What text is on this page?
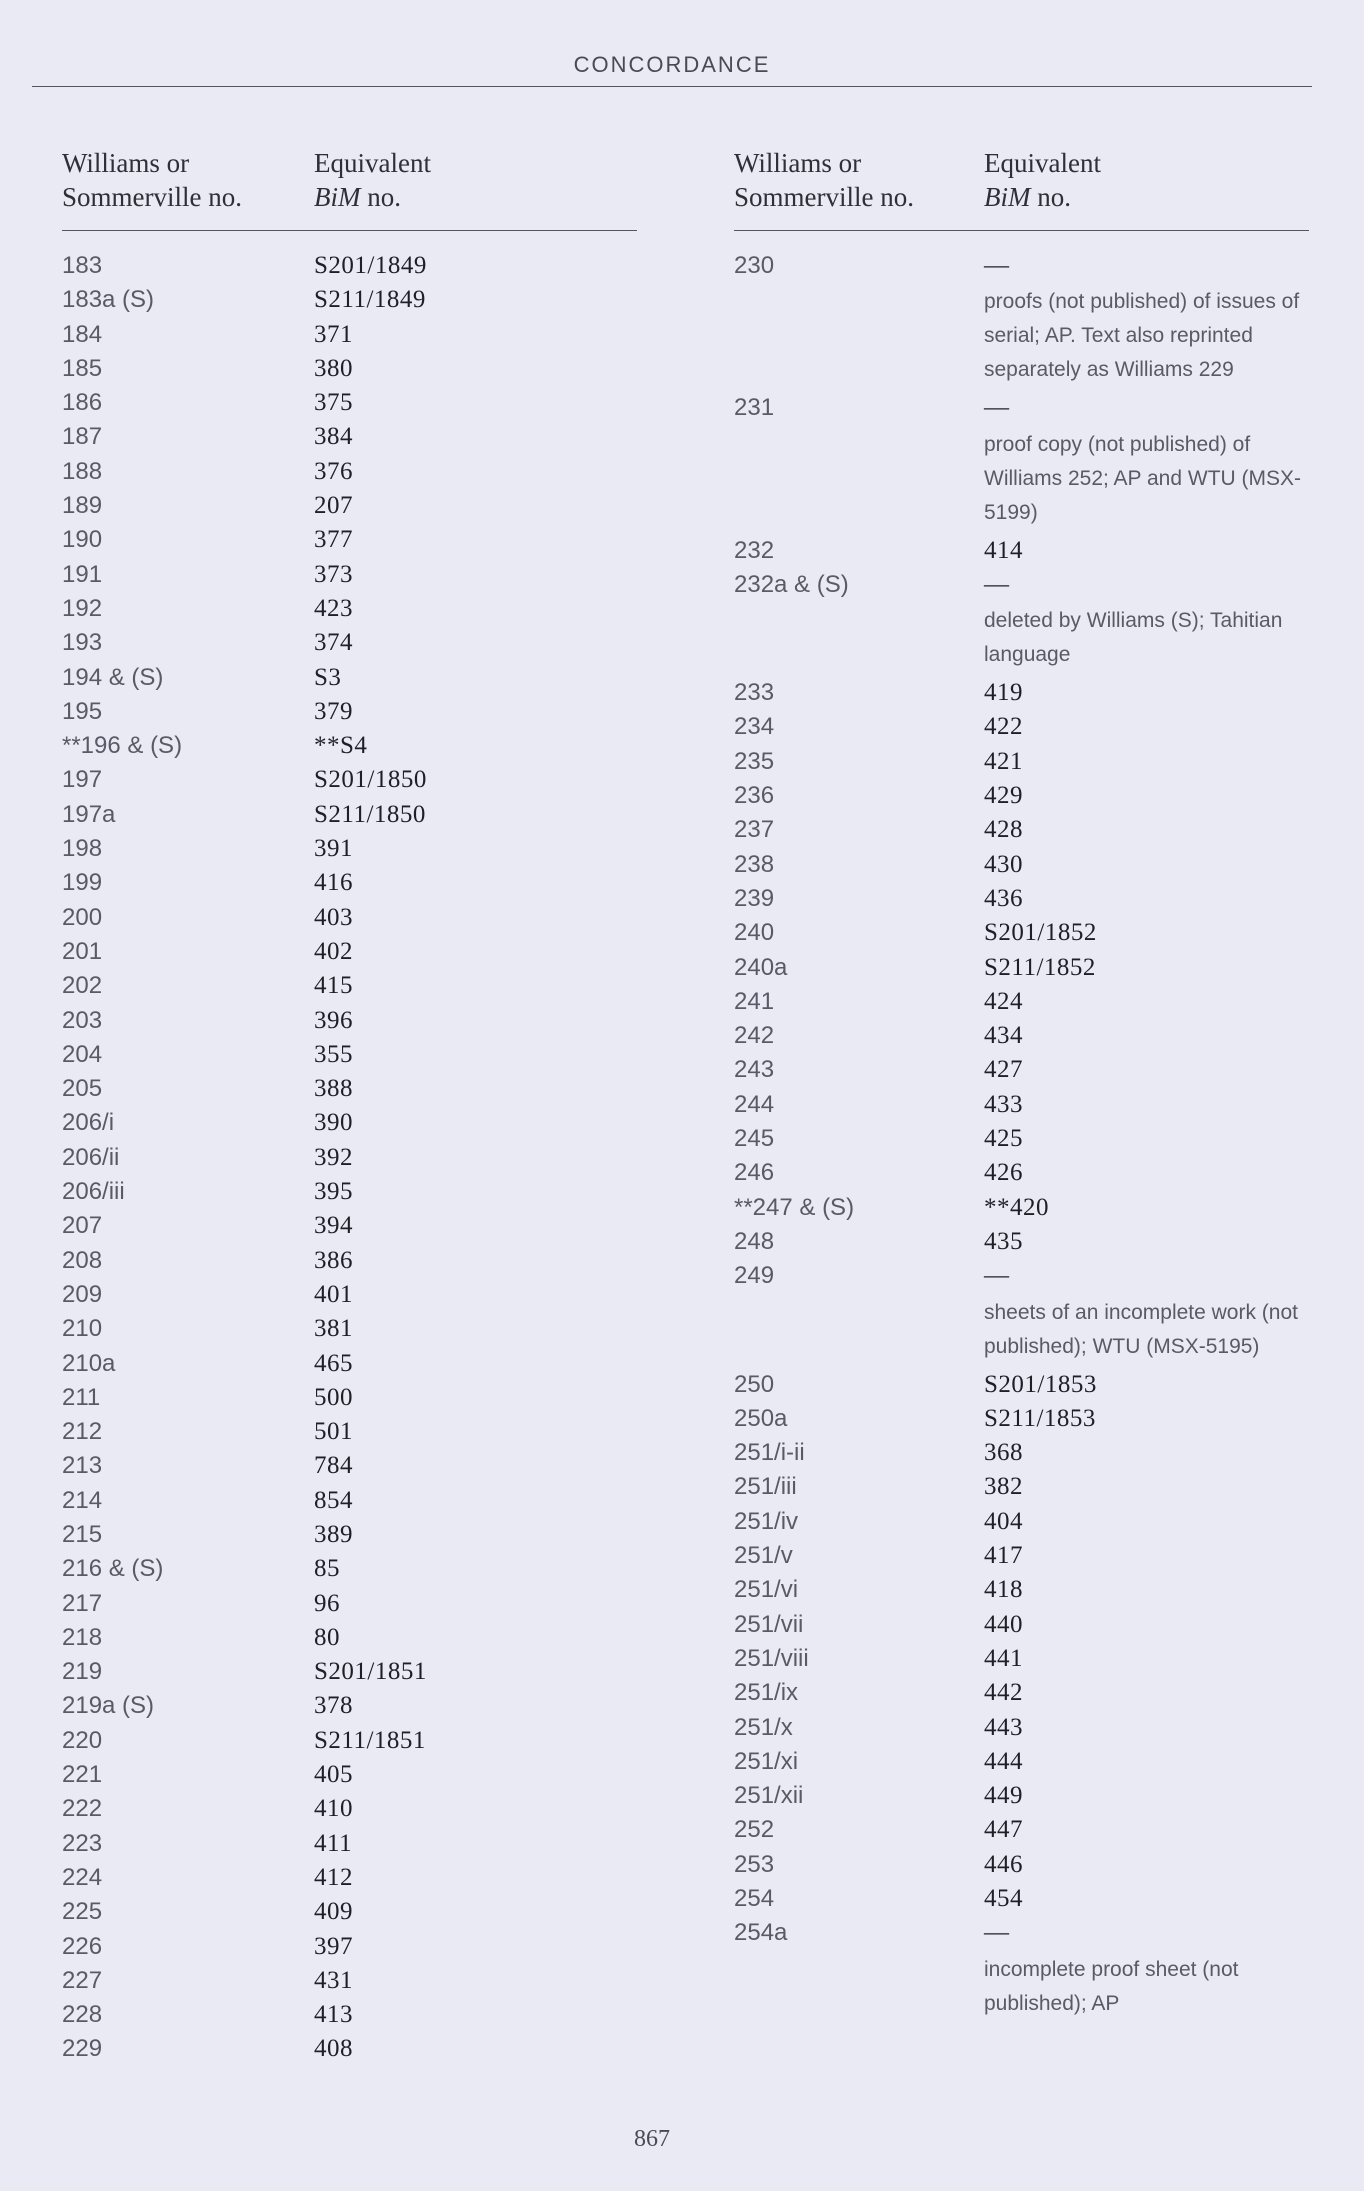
CONCORDANCE
Williams or
Sommerville no.
Equivalent
BiM no.
183	S201/1849
183a (S)	S211/1849
184	371
185	380
186	375
187	384
188	376
189	207
190	377
191	373
192	423
193	374
194 & (S)	S3
195	379
**196 & (S)	**S4
197	S201/1850
197a	S211/1850
198	391
199	416
200	403
201	402
202	415
203	396
204	355
205	388
206/i	390
206/ii	392
206/iii	395
207	394
208	386
209	401
210	381
210a	465
211	500
212	501
213	784
214	854
215	389
216 & (S)	85
217	96
218	80
219	S201/1851
219a (S)	378
220	S211/1851
221	405
222	410
223	411
224	412
225	409
226	397
227	431
228	413
229	408
Williams or
Sommerville no.
Equivalent
BiM no.
230	—
proofs (not published) of issues of serial; AP. Text also reprinted separately as Williams 229
231	—
proof copy (not published) of Williams 252; AP and WTU (MSX-5199)
232	414
232a & (S)	—
deleted by Williams (S); Tahitian language
233	419
234	422
235	421
236	429
237	428
238	430
239	436
240	S201/1852
240a	S211/1852
241	424
242	434
243	427
244	433
245	425
246	426
**247 & (S)	**420
248	435
249	—
sheets of an incomplete work (not published); WTU (MSX-5195)
250	S201/1853
250a	S211/1853
251/i-ii	368
251/iii	382
251/iv	404
251/v	417
251/vi	418
251/vii	440
251/viii	441
251/ix	442
251/x	443
251/xi	444
251/xii	449
252	447
253	446
254	454
254a	—
incomplete proof sheet (not published); AP
867
